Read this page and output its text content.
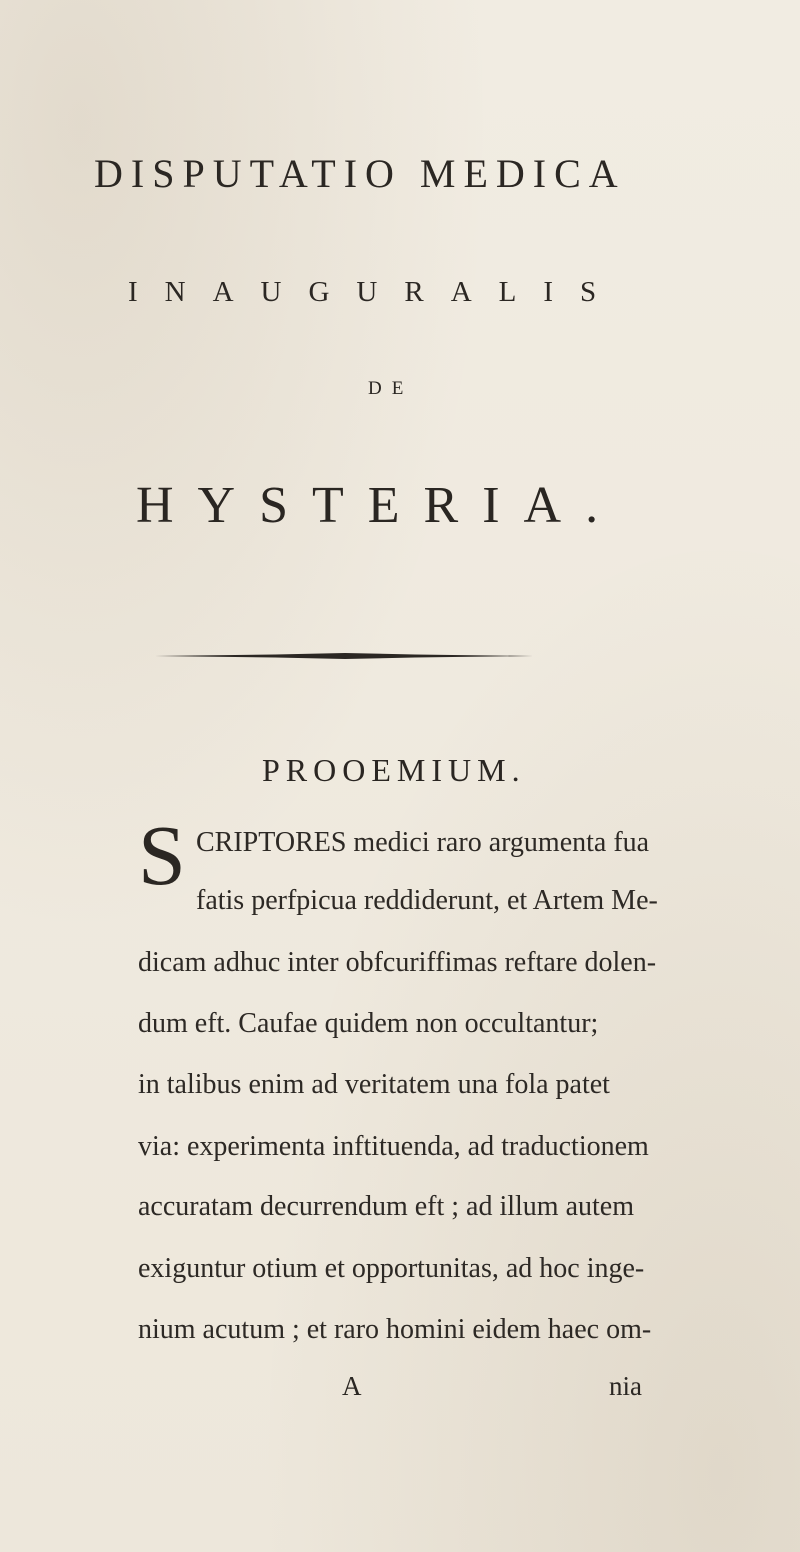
DISPUTATIO MEDICA
INAUGURALIS
DE
HYSTERIA.
PROOEMIUM.
S CRIPTORES medici raro argumenta fua
fatis perfpicua reddiderunt, et Artem Me-
dicam adhuc inter obfcuriffimas reftare dolen-
dum eft. Caufae quidem non occultantur;
in talibus enim ad veritatem una fola patet
via: experimenta inftituenda, ad traductionem
accuratam decurrendum eft ; ad illum autem
exiguntur otium et opportunitas, ad hoc inge-
nium acutum ; et raro homini eidem haec om-
A	nia
